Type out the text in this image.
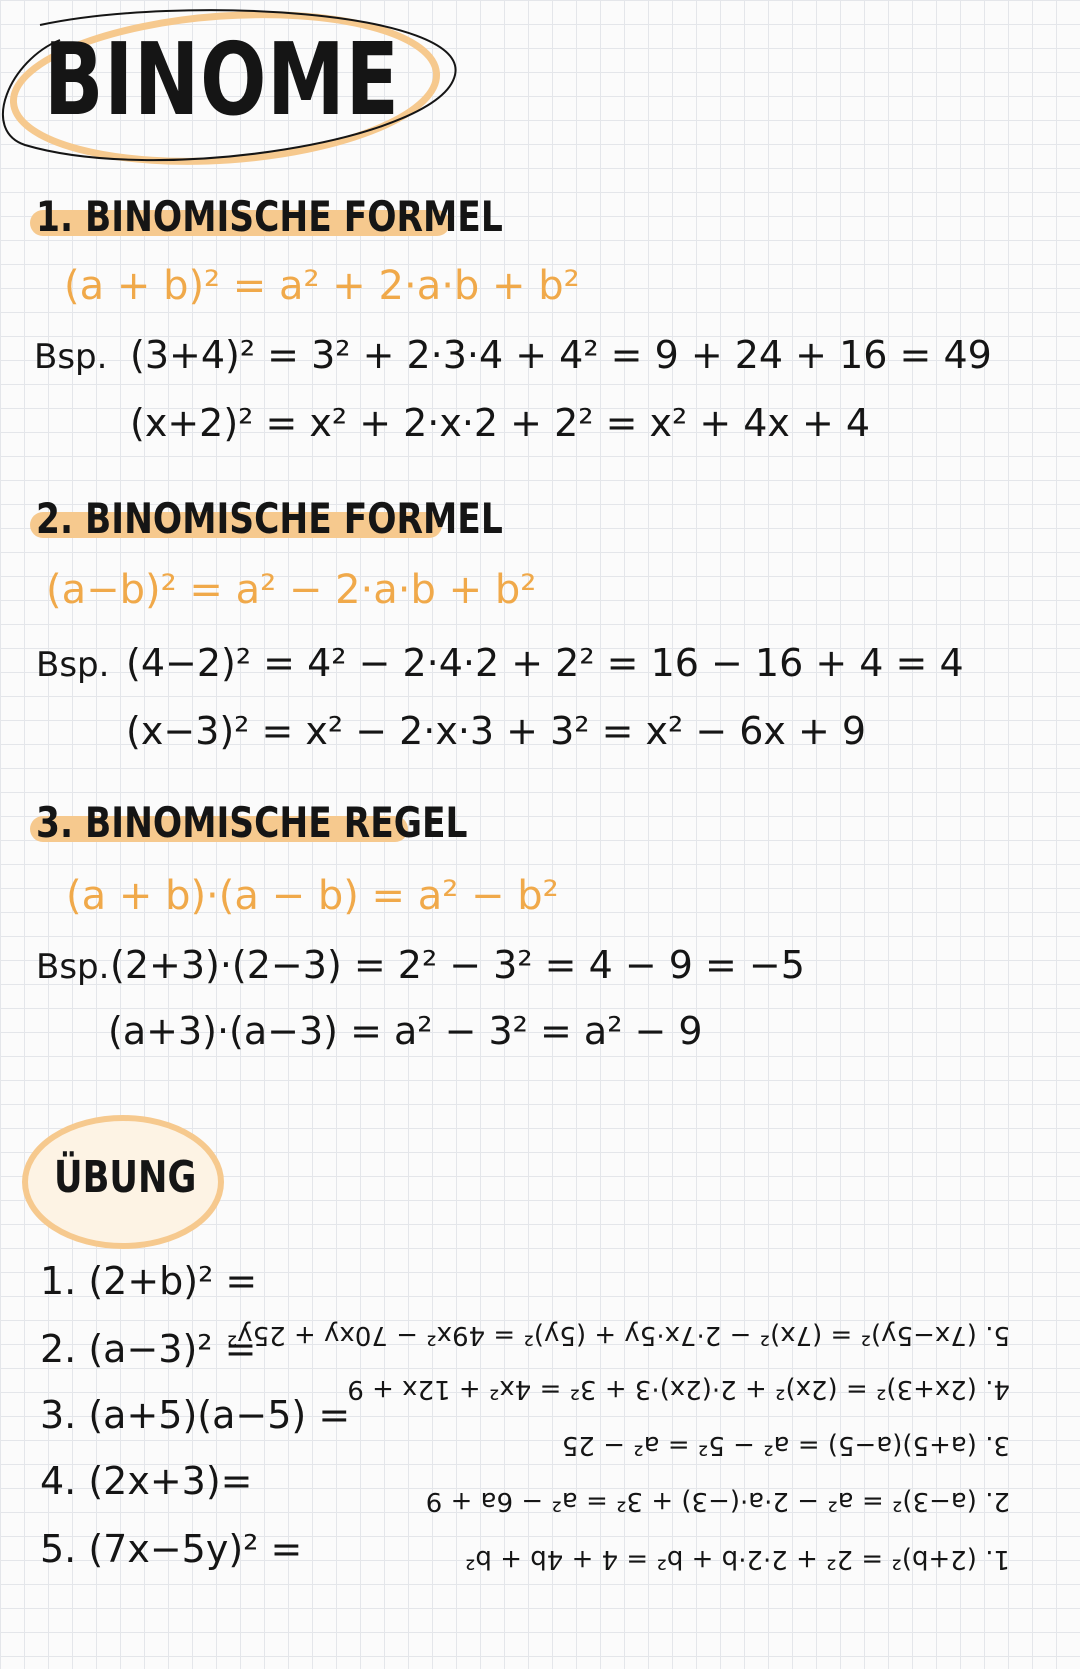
BINOME
1. BINOMISCHE FORMEL
(a + b)² = a² + 2·a·b + b²
Bsp. (3+4)² = 3² + 2·3·4 + 4² = 9 + 24 + 16 = 49
(x+2)² = x² + 2·x·2 + 2² = x² + 4x + 4
2. BINOMISCHE FORMEL
(a−b)² = a² − 2·a·b + b²
Bsp. (4−2)² = 4² − 2·4·2 + 2² = 16 − 16 + 4 = 4
(x−3)² = x² − 2·x·3 + 3² = x² − 6x + 9
3. BINOMISCHE REGEL
(a + b)·(a − b) = a² − b²
Bsp. (2+3)·(2−3) = 2² − 3² = 4 − 9 = −5
(a+3)·(a−3) = a² − 3² = a² − 9
ÜBUNG
1. (2+b)² =
2. (a−3)² =
3. (a+5)(a−5) =
4. (2x+3)=
5. (7x−5y)² =
5. (7x−5y)² = (7x)² − 2·7x·5y + (5y)² = 49x² − 70xy + 25y²
4. (2x+3)² = (2x)² + 2·(2x)·3 + 3² = 4x² + 12x + 9
3. (a+5)(a−5) = a² − 5² = a² − 25
2. (a−3)² = a² − 2·a·(−3) + 3² = a² − 6a + 9
1. (2+b)² = 2² + 2·2·b + b² = 4 + 4b + b²
